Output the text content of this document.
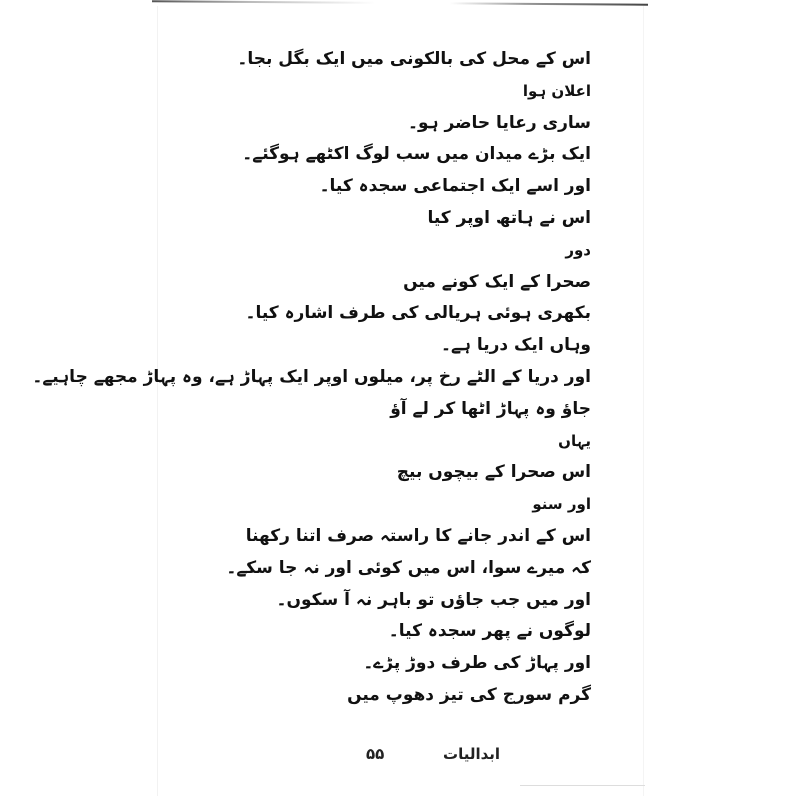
اس کے محل کی بالکونی میں ایک بگل بجا۔
اعلان ہوا
ساری رعایا حاضر ہو۔
ایک بڑے میدان میں سب لوگ اکٹھے ہوگئے۔
اور اسے ایک اجتماعی سجدہ کیا۔
اس نے ہاتھ اوپر کیا
دور
صحرا کے ایک کونے میں
بکھری ہوئی ہریالی کی طرف اشارہ کیا۔
وہاں ایک دریا ہے۔
اور دریا کے الٹے رخ پر، میلوں اوپر ایک پہاڑ ہے، وہ پہاڑ مجھے چاہیے۔
جاؤ وہ پہاڑ اٹھا کر لے آؤ
یہاں
اس صحرا کے بیچوں بیچ
اور سنو
اس کے اندر جانے کا راستہ صرف اتنا رکھنا
کہ میرے سوا، اس میں کوئی اور نہ جا سکے۔
اور میں جب جاؤں تو باہر نہ آ سکوں۔
لوگوں نے پھر سجدہ کیا۔
اور پہاڑ کی طرف دوڑ پڑے۔
گرم سورج کی تیز دھوپ میں
۵۵	ابدالیات
